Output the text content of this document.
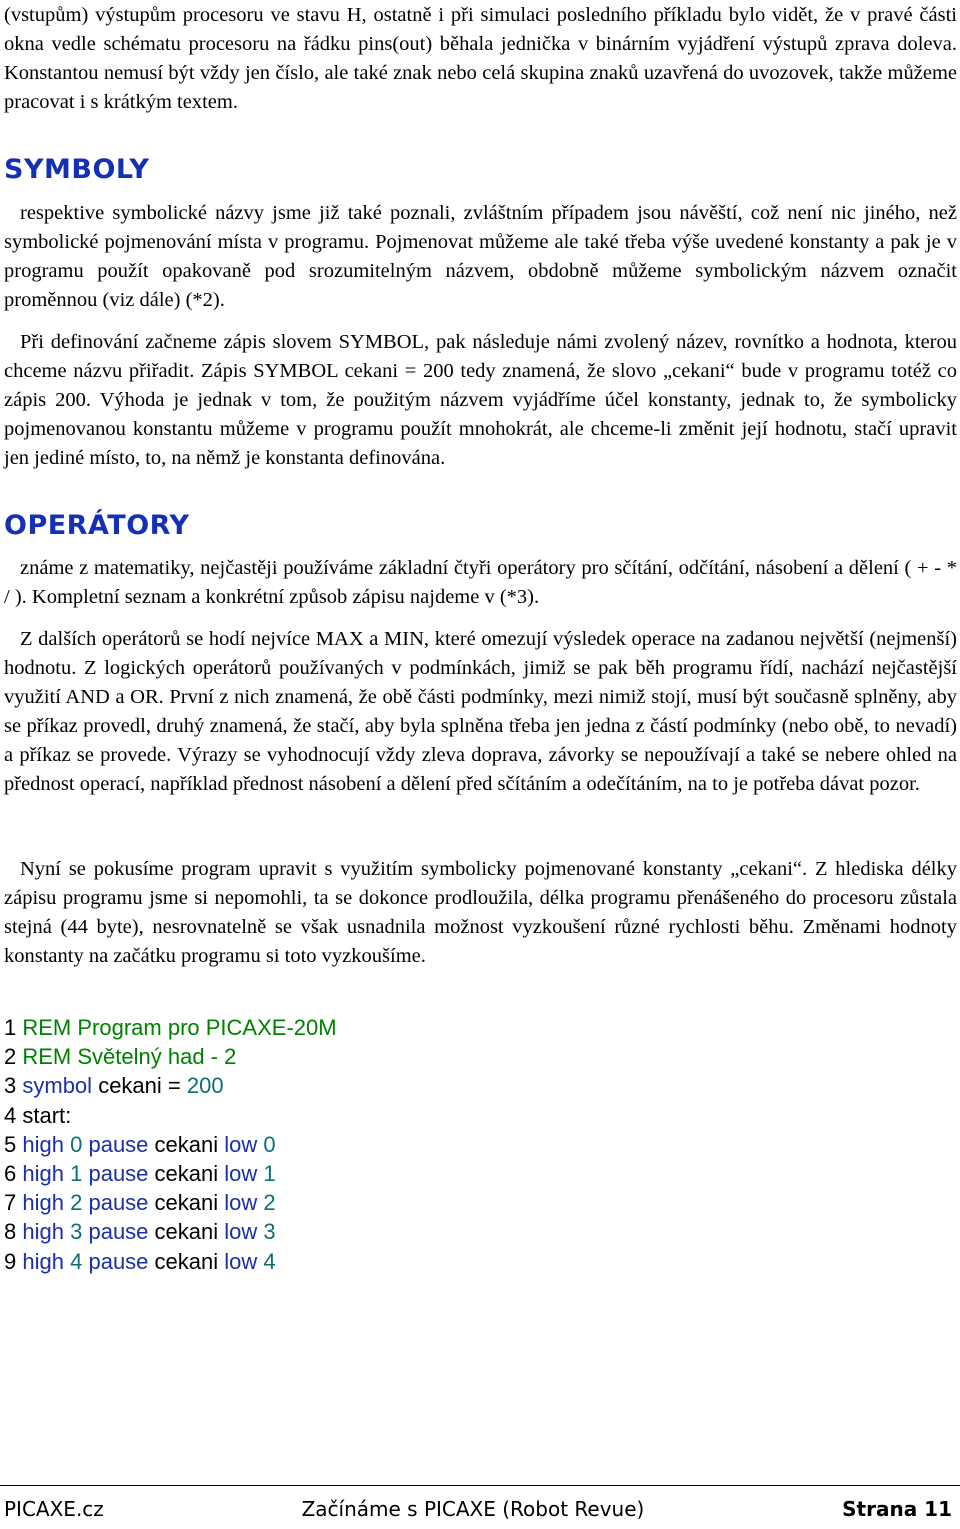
(vstupům) výstupům procesoru ve stavu H, ostatně i při simulaci posledního příkladu bylo vidět, že v pravé části okna vedle schématu procesoru na řádku pins(out) běhala jednička v binárním vyjádření výstupů zprava doleva. Konstantou nemusí být vždy jen číslo, ale také znak nebo celá skupina znaků uzavřená do uvozovek, takže můžeme pracovat i s krátkým textem.

SYMBOLY

respektive symbolické názvy jsme již také poznali, zvláštním případem jsou návěští, což není nic jiného, než symbolické pojmenování místa v programu. Pojmenovat můžeme ale také třeba výše uvedené konstanty a pak je v programu použít opakovaně pod srozumitelným názvem, obdobně můžeme symbolickým názvem označit proměnnou (viz dále) (*2).

Při definování začneme zápis slovem SYMBOL, pak následuje námi zvolený název, rovnítko a hodnota, kterou chceme názvu přiřadit. Zápis SYMBOL cekani = 200 tedy znamená, že slovo „cekani“ bude v programu totéž co zápis 200. Výhoda je jednak v tom, že použitým názvem vyjádříme účel konstanty, jednak to, že symbolicky pojmenovanou konstantu můžeme v programu použít mnohokrát, ale chceme-li změnit její hodnotu, stačí upravit jen jediné místo, to, na němž je konstanta definována.

OPERÁTORY

známe z matematiky, nejčastěji používáme základní čtyři operátory pro sčítání, odčítání, násobení a dělení ( + - * / ). Kompletní seznam a konkrétní způsob zápisu najdeme v (*3).

Z dalších operátorů se hodí nejvíce MAX a MIN, které omezují výsledek operace na zadanou největší (nejmenší) hodnotu. Z logických operátorů používaných v podmínkách, jimiž se pak běh programu řídí, nachází nejčastější využití AND a OR. První z nich znamená, že obě části podmínky, mezi nimiž stojí, musí být současně splněny, aby se příkaz provedl, druhý znamená, že stačí, aby byla splněna třeba jen jedna z částí podmínky (nebo obě, to nevadí) a příkaz se provede. Výrazy se vyhodnocují vždy zleva doprava, závorky se nepoužívají a také se nebere ohled na přednost operací, například přednost násobení a dělení před sčítáním a odečítáním, na to je potřeba dávat pozor.

Nyní se pokusíme program upravit s využitím symbolicky pojmenované konstanty „cekani“. Z hlediska délky zápisu programu jsme si nepomohli, ta se dokonce prodloužila, délka programu přenášeného do procesoru zůstala stejná (44 byte), nesrovnatelně se však usnadnila možnost vyzkoušení různé rychlosti běhu. Změnami hodnoty konstanty na začátku programu si toto vyzkoušíme.

1 REM Program pro PICAXE-20M
2 REM Světelný had - 2
3 symbol cekani = 200
4 start:
5 high 0 pause cekani low 0
6 high 1 pause cekani low 1
7 high 2 pause cekani low 2
8 high 3 pause cekani low 3
9 high 4 pause cekani low 4
PICAXE.cz	Začínáme s PICAXE (Robot Revue)	Strana 11
